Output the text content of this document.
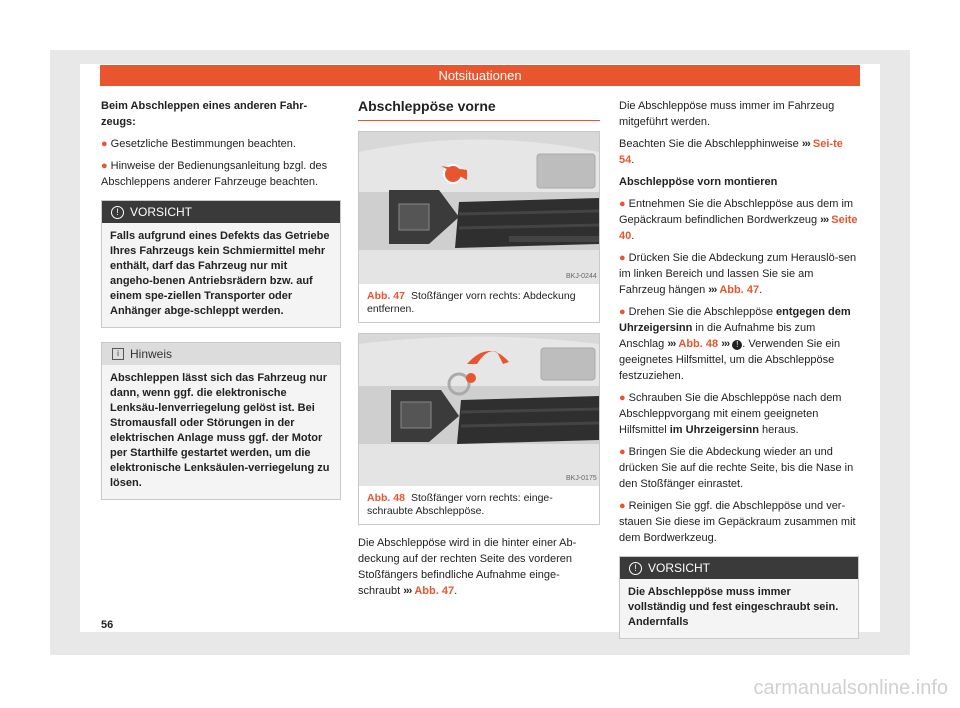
Notsituationen

Beim Abschleppen eines anderen Fahr-zeugs:

● Gesetzliche Bestimmungen beachten.

● Hinweise der Bedienungsanleitung bzgl. des Abschleppens anderer Fahrzeuge beachten.

! VORSICHT
Falls aufgrund eines Defekts das Getriebe Ihres Fahrzeugs kein Schmiermittel mehr enthält, darf das Fahrzeug nur mit angeho-benen Antriebsrädern bzw. auf einem spe-ziellen Transporter oder Anhänger abge-schleppt werden.
i Hinweis
Abschleppen lässt sich das Fahrzeug nur dann, wenn ggf. die elektronische Lenksäu-lenverriegelung gelöst ist. Bei Stromausfall oder Störungen in der elektrischen Anlage muss ggf. der Motor per Starthilfe gestartet werden, um die elektronische Lenksäulen-verriegelung zu lösen.
Abschleppöse vorne
BKJ-0244
Abb. 47 Stoßfänger vorn rechts: Abdeckung entfernen.
BKJ-0175
Abb. 48 Stoßfänger vorn rechts: einge-schraubte Abschleppöse.

Die Abschleppöse wird in die hinter einer Ab-deckung auf der rechten Seite des vorderen Stoßfängers befindliche Aufnahme einge-schraubt ››› Abb. 47.

Die Abschleppöse muss immer im Fahrzeug mitgeführt werden.

Beachten Sie die Abschlepphinweise ››› Sei-te 54.

Abschleppöse vorn montieren

● Entnehmen Sie die Abschleppöse aus dem im Gepäckraum befindlichen Bordwerkzeug ››› Seite 40.

● Drücken Sie die Abdeckung zum Herauslö-sen im linken Bereich und lassen Sie sie am Fahrzeug hängen ››› Abb. 47.

● Drehen Sie die Abschleppöse entgegen dem Uhrzeigersinn in die Aufnahme bis zum Anschlag ››› Abb. 48 ››› ! . Verwenden Sie ein geeignetes Hilfsmittel, um die Abschleppöse festzuziehen.

● Schrauben Sie die Abschleppöse nach dem Abschleppvorgang mit einem geeigneten Hilfsmittel im Uhrzeigersinn heraus.

● Bringen Sie die Abdeckung wieder an und drücken Sie auf die rechte Seite, bis die Nase in den Stoßfänger einrastet.

● Reinigen Sie ggf. die Abschleppöse und ver-stauen Sie diese im Gepäckraum zusammen mit dem Bordwerkzeug.

! VORSICHT
Die Abschleppöse muss immer vollständig und fest eingeschraubt sein. Andernfalls
56
carmanualsonline.info
